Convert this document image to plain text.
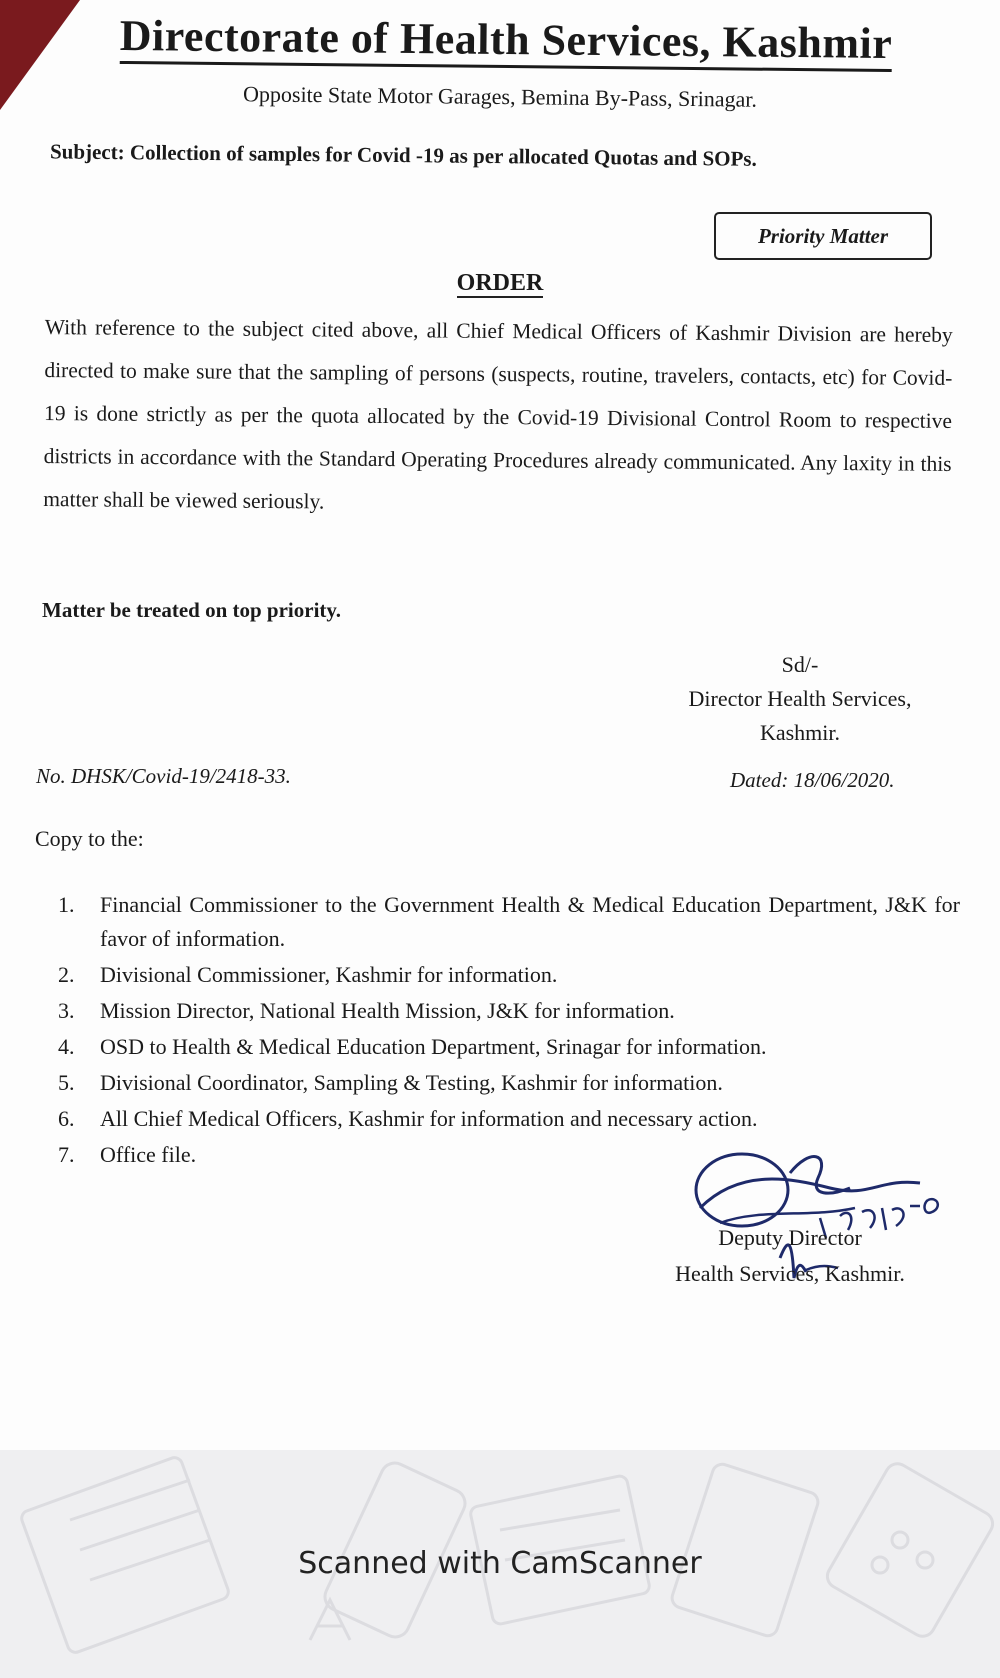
Directorate of Health Services, Kashmir
Opposite State Motor Garages, Bemina By-Pass, Srinagar.
Subject: Collection of samples for Covid -19 as per allocated Quotas and SOPs.
Priority Matter
ORDER
With reference to the subject cited above, all Chief Medical Officers of Kashmir Division are hereby directed to make sure that the sampling of persons (suspects, routine, travelers, contacts, etc) for Covid-19 is done strictly as per the quota allocated by the Covid-19 Divisional Control Room to respective districts in accordance with the Standard Operating Procedures already communicated. Any laxity in this matter shall be viewed seriously.
Matter be treated on top priority.
Sd/-
Director Health Services,
Kashmir.
No. DHSK/Covid-19/2418-33.	Dated: 18/06/2020.
Copy to the:
1.	Financial Commissioner to the Government Health & Medical Education Department, J&K for favor of information.
2.	Divisional Commissioner, Kashmir for information.
3.	Mission Director, National Health Mission, J&K for information.
4.	OSD to Health & Medical Education Department, Srinagar for information.
5.	Divisional Coordinator, Sampling & Testing, Kashmir for information.
6.	All Chief Medical Officers, Kashmir for information and necessary action.
7.	Office file.
Deputy Director
Health Services, Kashmir.
Scanned with CamScanner
